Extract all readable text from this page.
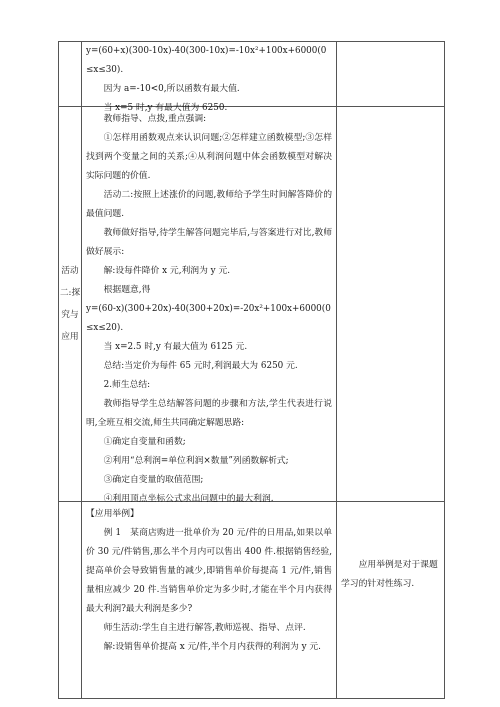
y=(60+x)(300-10x)-40(300-10x)=-10x²+100x+6000(0≤x≤30).

因为 a=-10<0,所以函数有最大值.

当 x=5 时,y 有最大值为 6250.

活动二:探究与应用

教师指导、点拨,重点强调:

①怎样用函数观点来认识问题;②怎样建立函数模型;③怎样找到两个变量之间的关系;④从利润问题中体会函数模型对解决实际问题的价值.

活动二:按照上述涨价的问题,教师给予学生时间解答降价的最值问题.

教师做好指导,待学生解答问题完毕后,与答案进行对比,教师做好展示:

解:设每件降价 x 元,利润为 y 元.

根据题意,得

y=(60-x)(300+20x)-40(300+20x)=-20x²+100x+6000(0≤x≤20).

当 x=2.5 时,y 有最大值为 6125 元.

总结:当定价为每件 65 元时,利润最大为 6250 元.

2.师生总结:

教师指导学生总结解答问题的步骤和方法,学生代表进行说明,全班互相交流,师生共同确定解题思路:

①确定自变量和函数;

②利用“总利润=单位利润×数量”列函数解析式;

③确定自变量的取值范围;

④利用顶点坐标公式求出问题中的最大利润.

【应用举例】

例 1　某商店购进一批单价为 20 元/件的日用品,如果以单价 30 元/件销售,那么半个月内可以售出 400 件.根据销售经验,提高单价会导致销售量的减少,即销售单价每提高 1 元/件,销售量相应减少 20 件.当销售单价定为多少时,才能在半个月内获得最大利润?最大利润是多少?

师生活动:学生自主进行解答,教师巡视、指导、点评.

解:设销售单价提高 x 元/件,半个月内获得的利润为 y 元.

应用举例是对于课题学习的针对性练习.
